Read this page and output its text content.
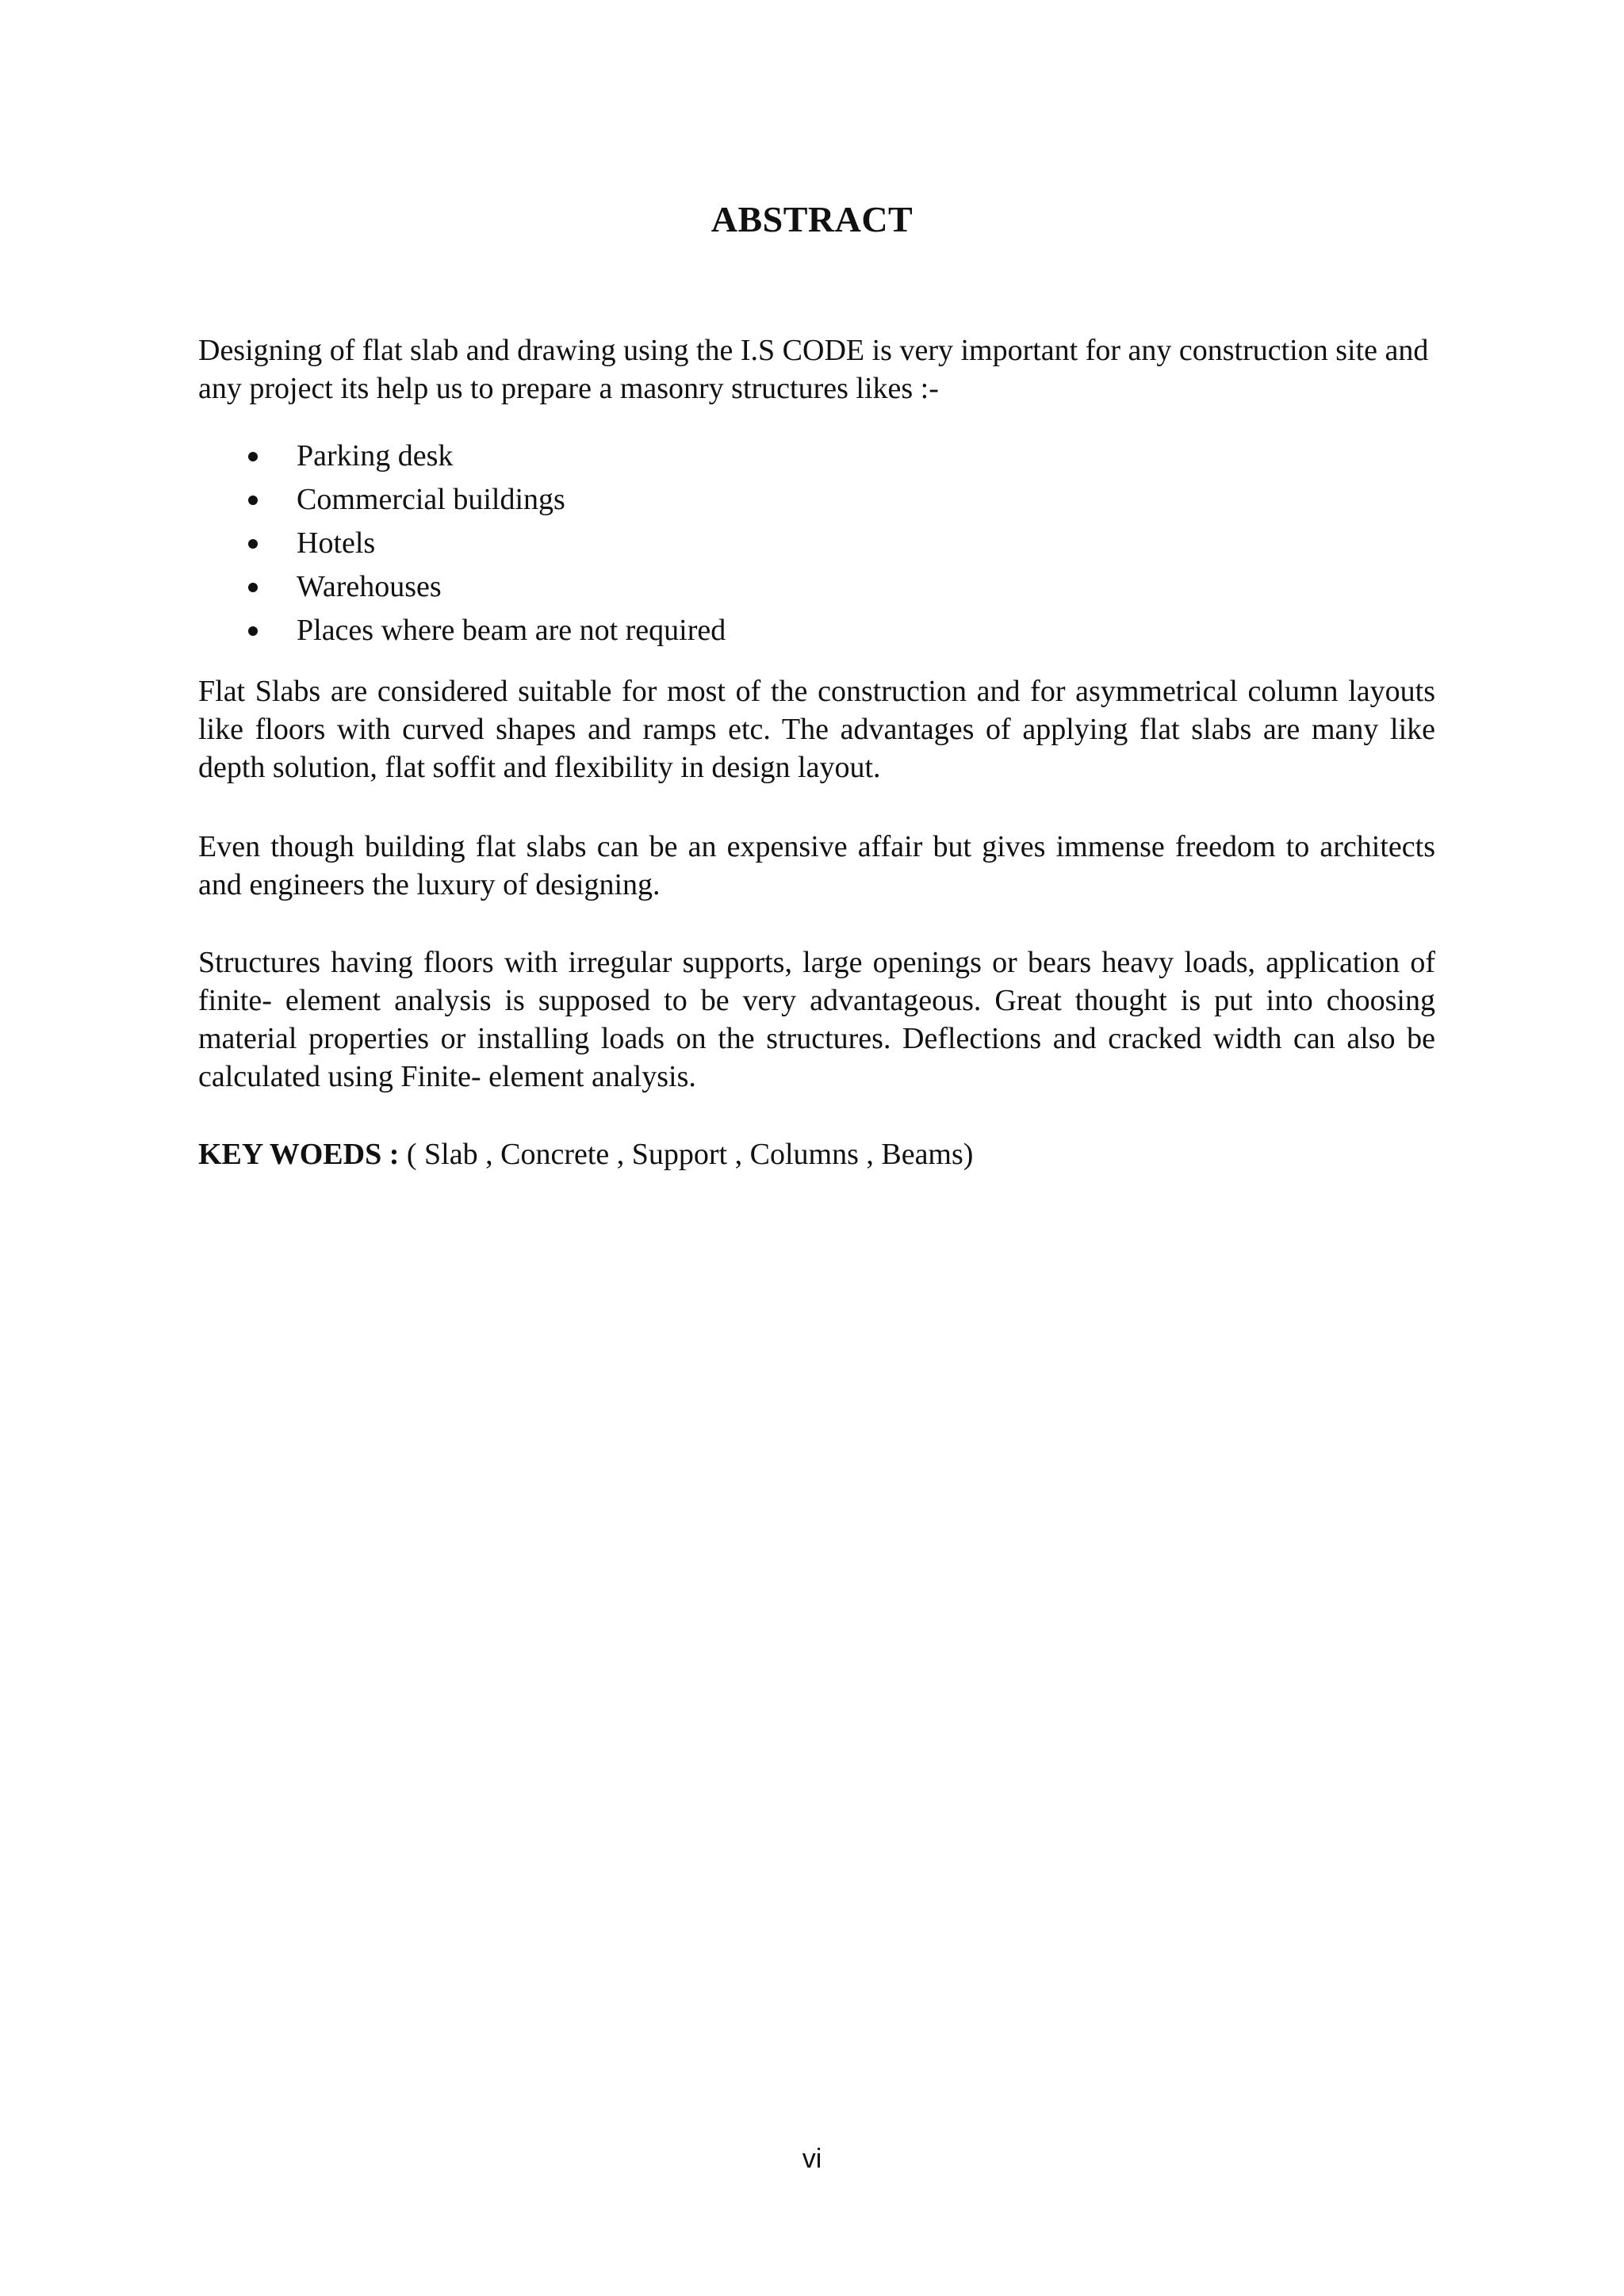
ABSTRACT

Designing of flat slab and drawing using the I.S CODE is very important for any construction site and any project its help us to prepare a masonry structures likes :-

Parking desk
Commercial buildings
Hotels
Warehouses
Places where beam are not required

Flat Slabs are considered suitable for most of the construction and for asymmetrical column layouts like floors with curved shapes and ramps etc. The advantages of applying flat slabs are many like depth solution, flat soffit and flexibility in design layout.

Even though building flat slabs can be an expensive affair but gives immense freedom to architects and engineers the luxury of designing.

Structures having floors with irregular supports, large openings or bears heavy loads, application of finite- element analysis is supposed to be very advantageous. Great thought is put into choosing material properties or installing loads on the structures. Deflections and cracked width can also be calculated using Finite- element analysis.

KEY WOEDS : ( Slab , Concrete , Support , Columns , Beams)

vi
